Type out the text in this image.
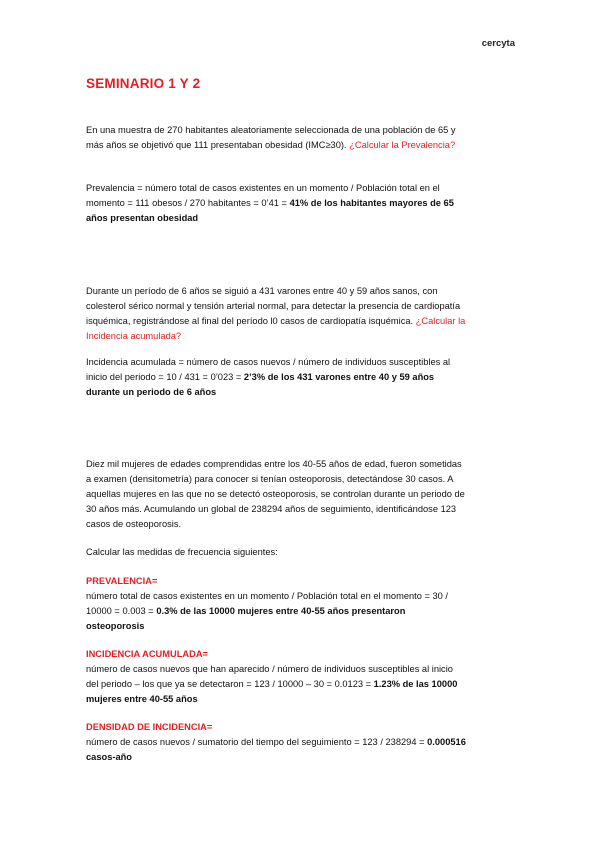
cercyta
SEMINARIO 1 Y 2

En una muestra de 270 habitantes aleatoriamente seleccionada de una población de 65 y más años se objetivó que 111 presentaban obesidad (IMC≥30). ¿Calcular la Prevalencia?

Prevalencia = número total de casos existentes en un momento / Población total en el momento = 111 obesos / 270 habitantes = 0’41 = 41% de los habitantes mayores de 65 años presentan obesidad

Durante un período de 6 años se siguió a 431 varones entre 40 y 59 años sanos, con colesterol sérico normal y tensión arterial normal, para detectar la presencia de cardiopatía isquémica, registrándose al final del período l0 casos de cardiopatía isquémica. ¿Calcular la Incidencia acumulada?

Incidencia acumulada = número de casos nuevos / número de individuos susceptibles al inicio del periodo = 10 / 431 = 0’023 = 2’3% de los 431 varones entre 40 y 59 años durante un periodo de 6 años

Diez mil mujeres de edades comprendidas entre los 40-55 años de edad, fueron sometidas a examen (densitometría) para conocer si tenían osteoporosis, detectándose 30 casos. A aquellas mujeres en las que no se detectó osteoporosis, se controlan durante un periodo de 30 años más. Acumulando un global de 238294 años de seguimiento, identificándose 123 casos de osteoporosis.

Calcular las medidas de frecuencia siguientes:

PREVALENCIA=

número total de casos existentes en un momento / Población total en el momento = 30 / 10000 = 0.003 = 0.3% de las 10000 mujeres entre 40-55 años presentaron osteoporosis

INCIDENCIA ACUMULADA=

número de casos nuevos que han aparecido / número de individuos susceptibles al inicio del periodo – los que ya se detectaron = 123 / 10000 – 30 = 0.0123 = 1.23% de las 10000 mujeres entre 40-55 años

DENSIDAD DE INCIDENCIA=

número de casos nuevos / sumatorio del tiempo del seguimiento = 123 / 238294 = 0.000516 casos-año
